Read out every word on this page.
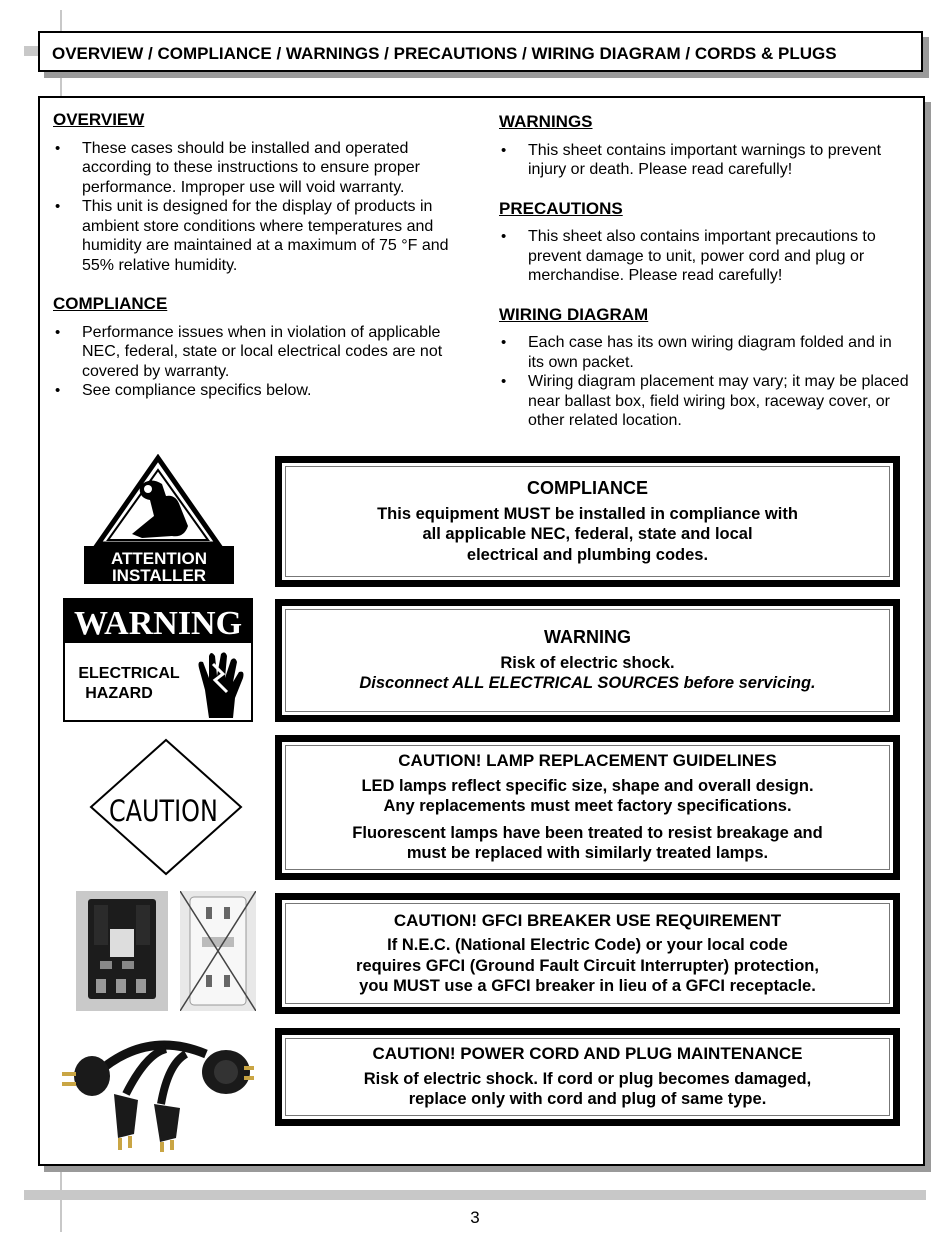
OVERVIEW / COMPLIANCE / WARNINGS / PRECAUTIONS / WIRING DIAGRAM / CORDS & PLUGS
OVERVIEW
• These cases should be installed and operated according to these instructions to ensure proper performance. Improper use will void warranty.
• This unit is designed for the display of products in ambient store conditions where temperatures and humidity are maintained at a maximum of 75 °F and 55% relative humidity.
COMPLIANCE
• Performance issues when in violation of applicable NEC, federal, state or local electrical codes are not covered by warranty.
• See compliance specifics below.
WARNINGS
• This sheet contains important warnings to prevent injury or death. Please read carefully!
PRECAUTIONS
• This sheet also contains important precautions to prevent damage to unit, power cord and plug or merchandise. Please read carefully!
WIRING DIAGRAM
• Each case has its own wiring diagram folded and in its own packet.
• Wiring diagram placement may vary; it may be placed near ballast box, field wiring box, raceway cover, or other related location.
ATTENTION
INSTALLER
WARNING
ELECTRICAL
HAZARD
CAUTION
COMPLIANCE
This equipment MUST be installed in compliance with
all applicable NEC, federal, state and local
electrical and plumbing codes.
WARNING
Risk of electric shock.
Disconnect ALL ELECTRICAL SOURCES before servicing.
CAUTION! LAMP REPLACEMENT GUIDELINES
LED lamps reflect specific size, shape and overall design.
Any replacements must meet factory specifications.
Fluorescent lamps have been treated to resist breakage and
must be replaced with similarly treated lamps.
CAUTION! GFCI BREAKER USE REQUIREMENT
If N.E.C. (National Electric Code) or your local code
requires GFCI (Ground Fault Circuit Interrupter) protection,
you MUST use a GFCI breaker in lieu of a GFCI receptacle.
CAUTION! POWER CORD AND PLUG MAINTENANCE
Risk of electric shock. If cord or plug becomes damaged,
replace only with cord and plug of same type.
3
